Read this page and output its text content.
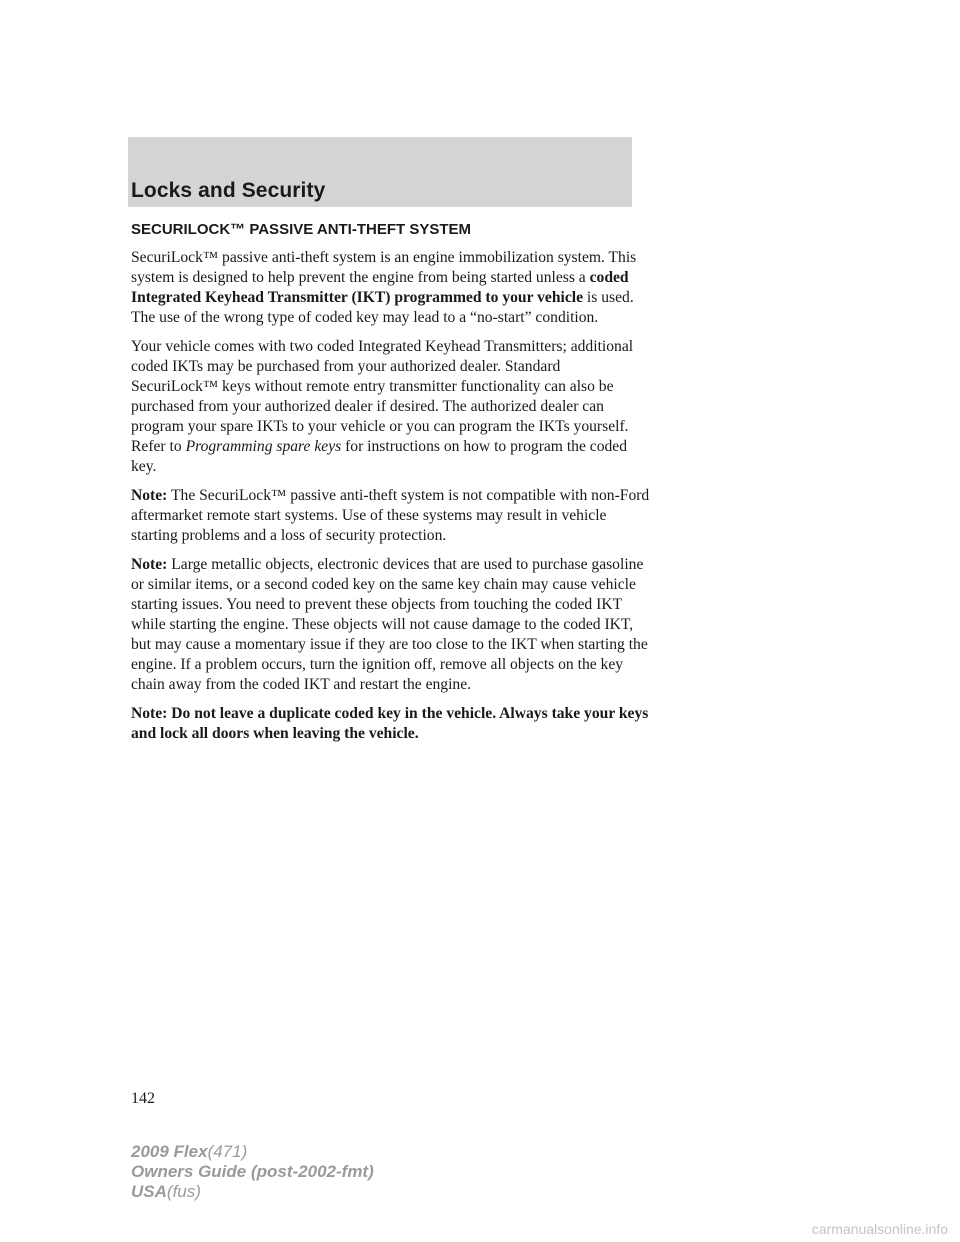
Locks and Security
SECURILOCK™ PASSIVE ANTI-THEFT SYSTEM

SecuriLock™ passive anti-theft system is an engine immobilization system. This system is designed to help prevent the engine from being started unless a coded Integrated Keyhead Transmitter (IKT) programmed to your vehicle is used. The use of the wrong type of coded key may lead to a “no-start” condition.

Your vehicle comes with two coded Integrated Keyhead Transmitters; additional coded IKTs may be purchased from your authorized dealer. Standard SecuriLock™ keys without remote entry transmitter functionality can also be purchased from your authorized dealer if desired. The authorized dealer can program your spare IKTs to your vehicle or you can program the IKTs yourself. Refer to Programming spare keys for instructions on how to program the coded key.

Note: The SecuriLock™ passive anti-theft system is not compatible with non-Ford aftermarket remote start systems. Use of these systems may result in vehicle starting problems and a loss of security protection.

Note: Large metallic objects, electronic devices that are used to purchase gasoline or similar items, or a second coded key on the same key chain may cause vehicle starting issues. You need to prevent these objects from touching the coded IKT while starting the engine. These objects will not cause damage to the coded IKT, but may cause a momentary issue if they are too close to the IKT when starting the engine. If a problem occurs, turn the ignition off, remove all objects on the key chain away from the coded IKT and restart the engine.

Note: Do not leave a duplicate coded key in the vehicle. Always take your keys and lock all doors when leaving the vehicle.

142
2009 Flex(471)
Owners Guide (post-2002-fmt)
USA(fus)
carmanualsonline.info
